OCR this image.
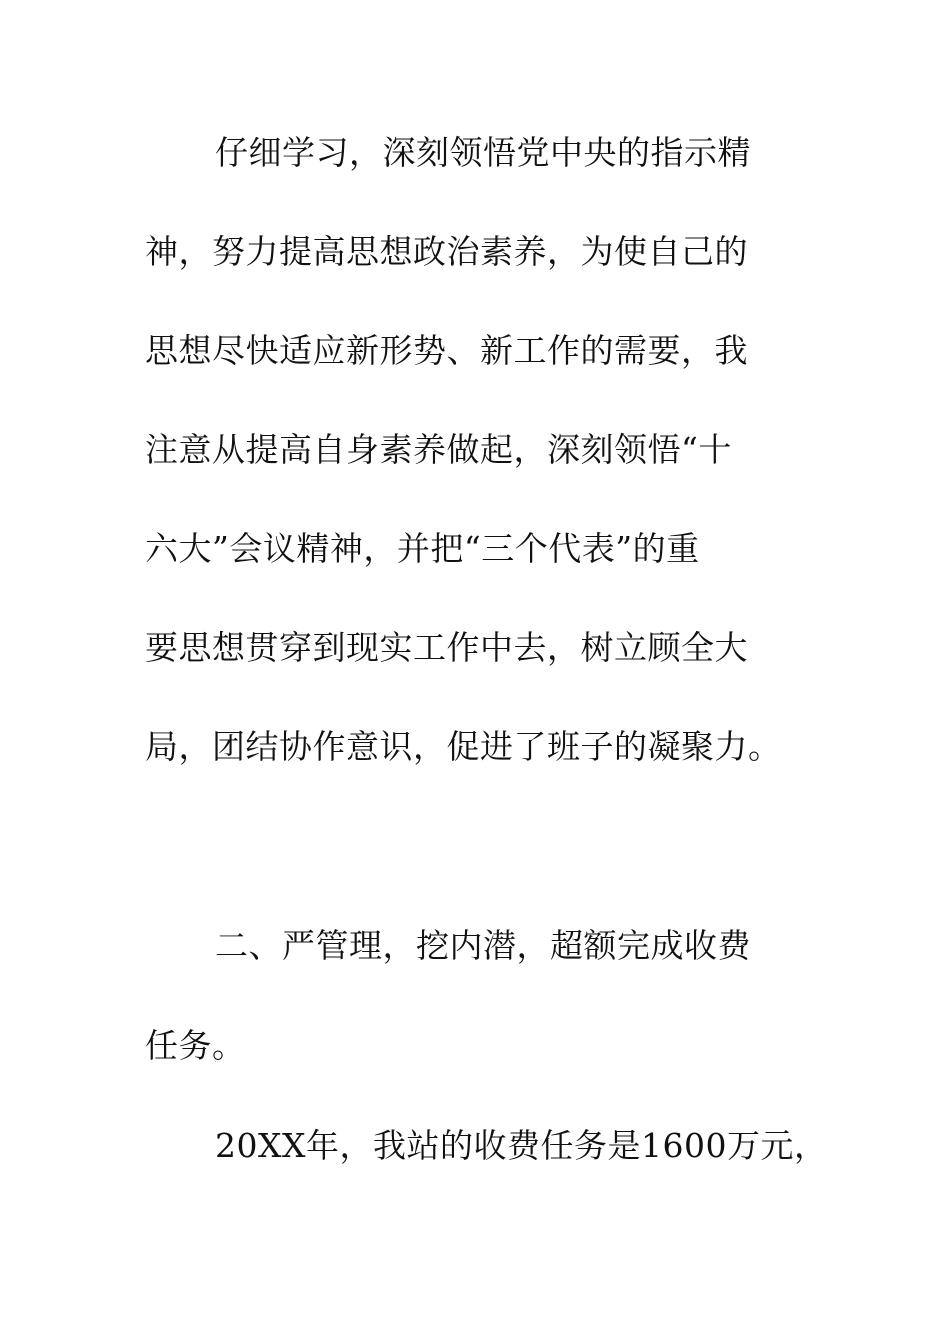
仔细学习，深刻领悟党中央的指示精
神，努力提高思想政治素养，为使自己的
思想尽快适应新形势、新工作的需要，我
注意从提高自身素养做起，深刻领悟“十
六大”会议精神，并把“三个代表”的重
要思想贯穿到现实工作中去，树立顾全大
局，团结协作意识，促进了班子的凝聚力。
二、严管理，挖内潜，超额完成收费
任务。
20XX年，我站的收费任务是1600万元，
